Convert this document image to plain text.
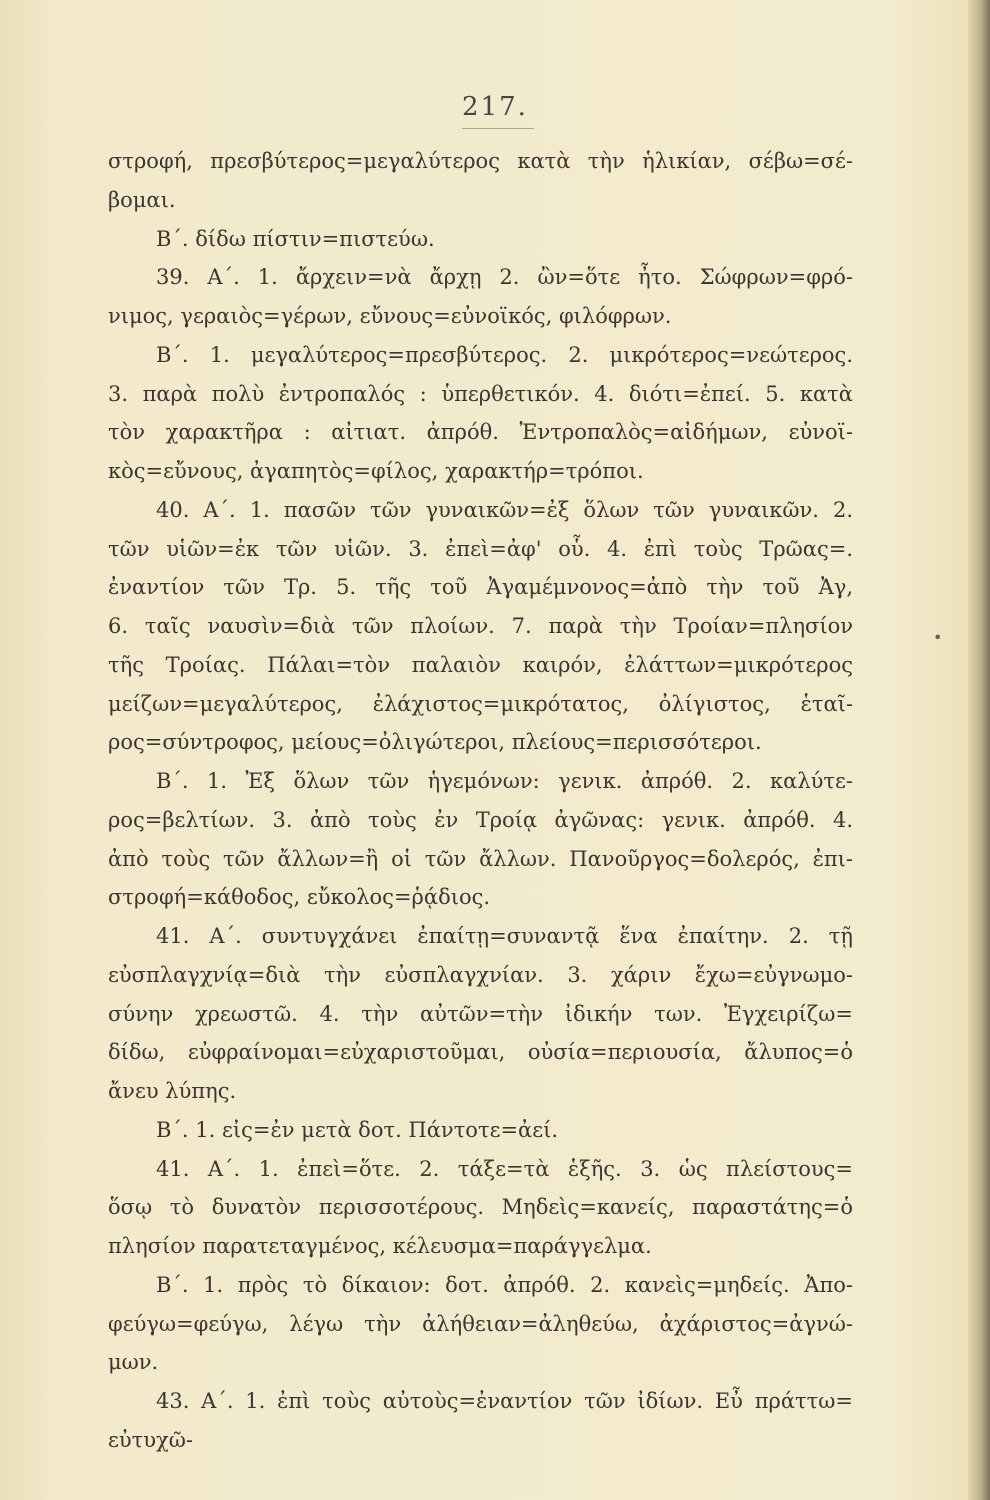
217.
•
στροφή, πρεσβύτερος=μεγαλύτερος κατὰ τὴν ἡλικίαν, σέβω=σέ-
βομαι.
Β΄. δίδω πίστιν=πιστεύω.
39. Α΄. 1. ἄρχειν=νὰ ἄρχῃ 2. ὢν=ὅτε ἦτο. Σώφρων=φρό-
νιμος, γεραιὸς=γέρων, εὔνους=εὐνοϊκός, φιλόφρων.
Β΄. 1. μεγαλύτερος=πρεσβύτερος. 2. μικρότερος=νεώτερος.
3. παρὰ πολὺ ἐντροπαλός : ὑπερθετικόν. 4. διότι=ἐπεί. 5. κατὰ
τὸν χαρακτῆρα : αἰτιατ. ἀπρόθ. Ἐντροπαλὸς=αἰδήμων, εὐνοϊ-
κὸς=εὔνους, ἀγαπητὸς=φίλος, χαρακτήρ=τρόποι.
40. Α΄. 1. πασῶν τῶν γυναικῶν=ἐξ ὅλων τῶν γυναικῶν. 2.
τῶν υἱῶν=ἐκ τῶν υἱῶν. 3. ἐπεὶ=ἀφ' οὗ. 4. ἐπὶ τοὺς Τρῶας=.
ἐναντίον τῶν Τρ. 5. τῆς τοῦ Ἀγαμέμνονος=ἀπὸ τὴν τοῦ Ἀγ,
6. ταῖς ναυσὶν=διὰ τῶν πλοίων. 7. παρὰ τὴν Τροίαν=πλησίον
τῆς Τροίας. Πάλαι=τὸν παλαιὸν καιρόν, ἐλάττων=μικρότερος
μείζων=μεγαλύτερος, ἐλάχιστος=μικρότατος, ὀλίγιστος, ἑταῖ-
ρος=σύντροφος, μείους=ὀλιγώτεροι, πλείους=περισσότεροι.
Β΄. 1. Ἐξ ὅλων τῶν ἡγεμόνων: γενικ. ἀπρόθ. 2. καλύτε-
ρος=βελτίων. 3. ἀπὸ τοὺς ἐν Τροίᾳ ἀγῶνας: γενικ. ἀπρόθ. 4.
ἀπὸ τοὺς τῶν ἄλλων=ἢ οἱ τῶν ἄλλων. Πανοῦργος=δολερός, ἐπι-
στροφή=κάθοδος, εὔκολος=ῥᾴδιος.
41. Α΄. συντυγχάνει ἐπαίτῃ=συναντᾷ ἕνα ἐπαίτην. 2. τῇ
εὐσπλαγχνίᾳ=διὰ τὴν εὐσπλαγχνίαν. 3. χάριν ἔχω=εὐγνωμο-
σύνην χρεωστῶ. 4. τὴν αὐτῶν=τὴν ἰδικήν των. Ἐγχειρίζω=
δίδω, εὐφραίνομαι=εὐχαριστοῦμαι, οὐσία=περιουσία, ἄλυπος=ὁ
ἄνευ λύπης.
Β΄. 1. εἰς=ἐν μετὰ δοτ. Πάντοτε=ἀεί.
41. Α΄. 1. ἐπεὶ=ὅτε. 2. τάξε=τὰ ἑξῆς. 3. ὡς πλείστους=
ὅσῳ τὸ δυνατὸν περισσοτέρους. Μηδεὶς=κανείς, παραστάτης=ὁ
πλησίον παρατεταγμένος, κέλευσμα=παράγγελμα.
Β΄. 1. πρὸς τὸ δίκαιον: δοτ. ἀπρόθ. 2. κανεὶς=μηδείς. Ἀπο-
φεύγω=φεύγω, λέγω τὴν ἀλήθειαν=ἀληθεύω, ἀχάριστος=ἀγνώ-
μων.
43. Α΄. 1. ἐπὶ τοὺς αὐτοὺς=ἐναντίον τῶν ἰδίων. Εὖ πράττω=
εὐτυχῶ-
